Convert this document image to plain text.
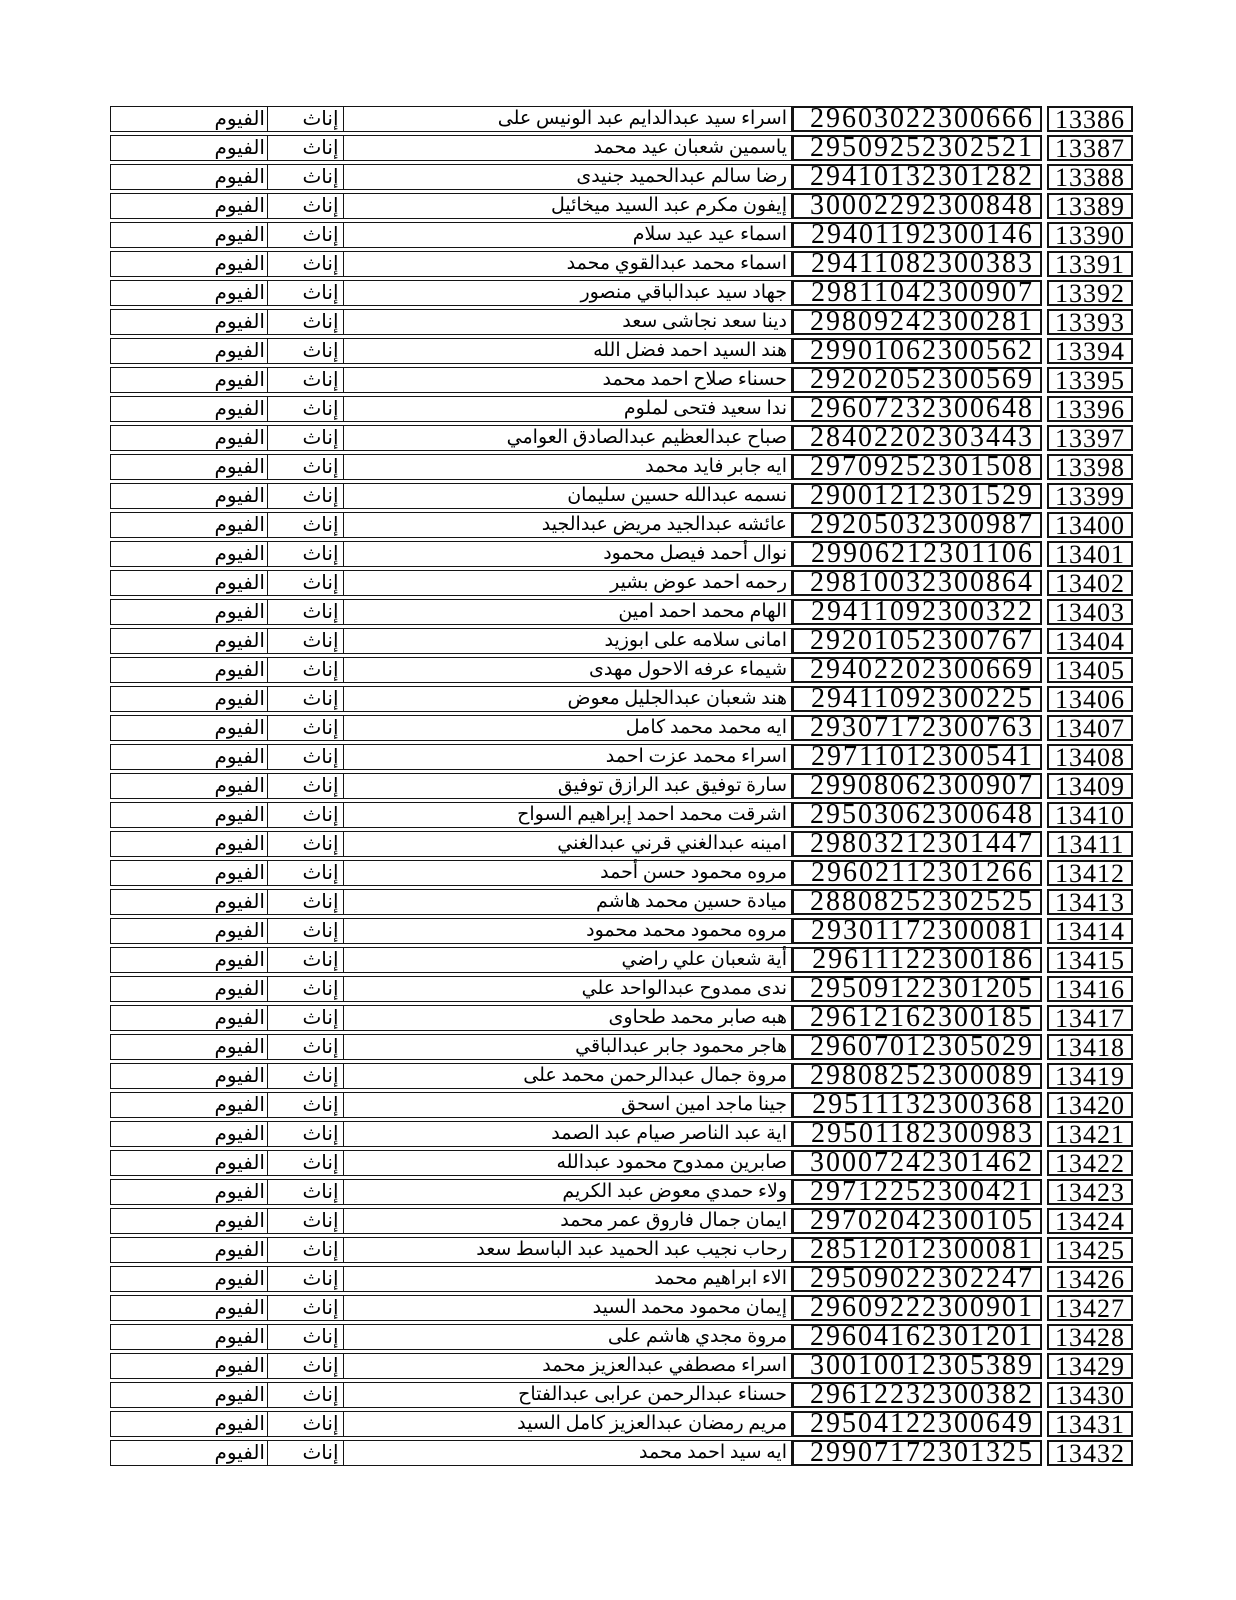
الفيوم	إناث	اسراء سيد عبدالدايم عبد الونيس على 29603022300666 13386
الفيوم	إناث	ياسمين شعبان عيد محمد 29509252302521 13387
الفيوم	إناث	رضا سالم عبدالحميد جنيدى 29410132301282 13388
الفيوم	إناث	إيفون مكرم عبد السيد ميخائيل 30002292300848 13389
الفيوم	إناث	اسماء عيد عيد سلام 29401192300146 13390
الفيوم	إناث	اسماء محمد عبدالقوي محمد 29411082300383 13391
الفيوم	إناث	جهاد سيد عبدالباقي منصور 29811042300907 13392
الفيوم	إناث	دينا سعد نجاشى سعد 29809242300281 13393
الفيوم	إناث	هند السيد احمد فضل الله 29901062300562 13394
الفيوم	إناث	حسناء صلاح احمد محمد 29202052300569 13395
الفيوم	إناث	ندا سعيد فتحى لملوم 29607232300648 13396
الفيوم	إناث	صباح عبدالعظيم عبدالصادق العوامي 28402202303443 13397
الفيوم	إناث	ايه جابر فايد محمد 29709252301508 13398
الفيوم	إناث	نسمه عبدالله حسين سليمان 29001212301529 13399
الفيوم	إناث	عائشه عبدالجيد مريض عبدالجيد 29205032300987 13400
الفيوم	إناث	نوال أحمد فيصل محمود 29906212301106 13401
الفيوم	إناث	رحمه احمد عوض بشير 29810032300864 13402
الفيوم	إناث	الهام محمد احمد امين 29411092300322 13403
الفيوم	إناث	امانى سلامه على ابوزيد 29201052300767 13404
الفيوم	إناث	شيماء عرفه الاحول مهدى 29402202300669 13405
الفيوم	إناث	هند شعبان عبدالجليل معوض 29411092300225 13406
الفيوم	إناث	ايه محمد محمد كامل 29307172300763 13407
الفيوم	إناث	اسراء محمد عزت احمد 29711012300541 13408
الفيوم	إناث	سارة توفيق عبد الرازق توفيق 29908062300907 13409
الفيوم	إناث	اشرقت محمد احمد إبراهيم السواح 29503062300648 13410
الفيوم	إناث	امينه عبدالغني قرني عبدالغني 29803212301447 13411
الفيوم	إناث	مروه محمود حسن أحمد 29602112301266 13412
الفيوم	إناث	ميادة حسين محمد هاشم 28808252302525 13413
الفيوم	إناث	مروه محمود محمد محمود 29301172300081 13414
الفيوم	إناث	أية شعبان علي راضي 29611122300186 13415
الفيوم	إناث	ندى ممدوح عبدالواحد علي 29509122301205 13416
الفيوم	إناث	هبه صابر محمد طحاوى 29612162300185 13417
الفيوم	إناث	هاجر محمود جابر عبدالباقي 29607012305029 13418
الفيوم	إناث	مروة جمال عبدالرحمن محمد على 29808252300089 13419
الفيوم	إناث	جينا ماجد امين اسحق 29511132300368 13420
الفيوم	إناث	اية عبد الناصر صيام عبد الصمد 29501182300983 13421
الفيوم	إناث	صابرين ممدوح محمود عبدالله 30007242301462 13422
الفيوم	إناث	ولاء حمدي معوض عبد الكريم 29712252300421 13423
الفيوم	إناث	ايمان جمال فاروق عمر محمد 29702042300105 13424
الفيوم	إناث	رحاب نجيب عبد الحميد عبد الباسط سعد 28512012300081 13425
الفيوم	إناث	الاء ابراهيم محمد 29509022302247 13426
الفيوم	إناث	إيمان محمود محمد السيد 29609222300901 13427
الفيوم	إناث	مروة مجدي هاشم على 29604162301201 13428
الفيوم	إناث	اسراء مصطفي عبدالعزيز محمد 30010012305389 13429
الفيوم	إناث	حسناء عبدالرحمن عرابى عبدالفتاح 29612232300382 13430
الفيوم	إناث	مريم رمضان عبدالعزيز كامل السيد 29504122300649 13431
الفيوم	إناث	ايه سيد احمد محمد 29907172301325 13432
